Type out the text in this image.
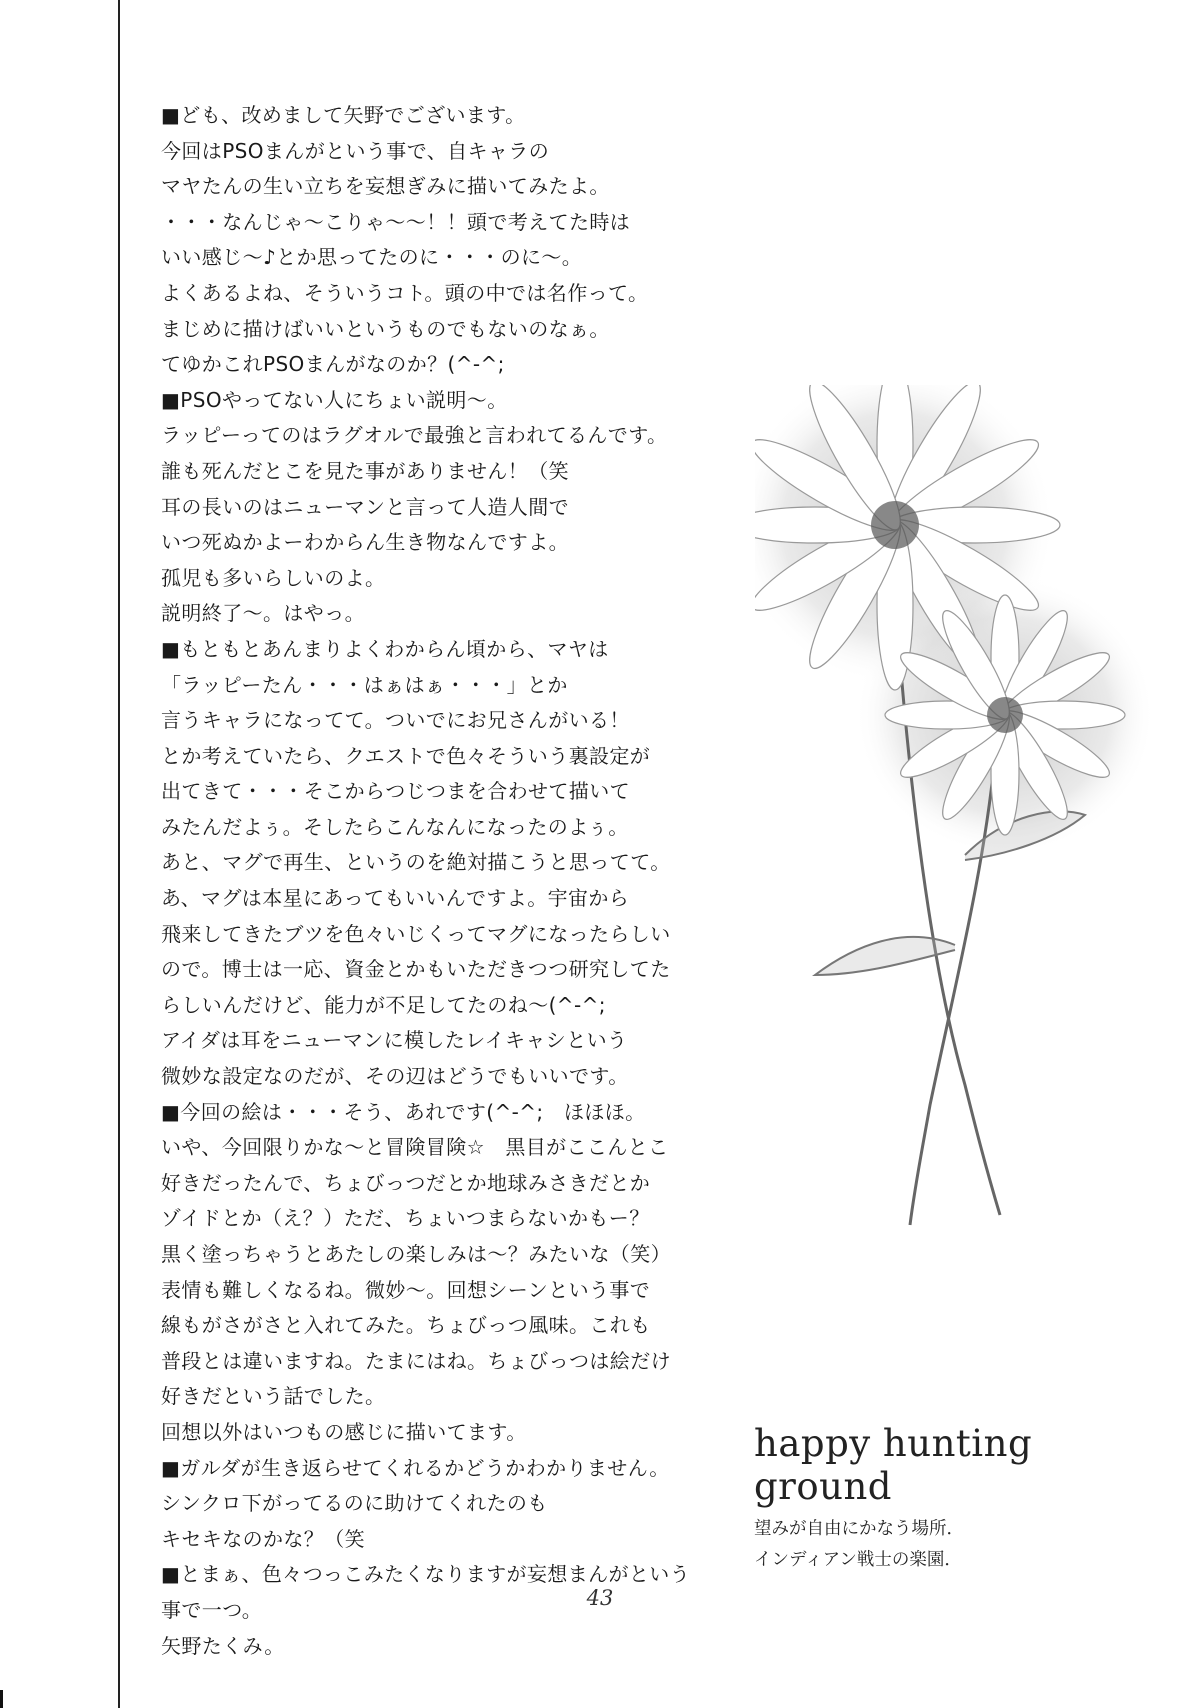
■ども、改めまして矢野でございます。
今回はPSOまんがという事で、自キャラの
マヤたんの生い立ちを妄想ぎみに描いてみたよ。
・・・なんじゃ〜こりゃ〜〜！！頭で考えてた時は
いい感じ〜♪とか思ってたのに・・・のに〜。
よくあるよね、そういうコト。頭の中では名作って。
まじめに描けばいいというものでもないのなぁ。
てゆかこれPSOまんがなのか？(^-^;
■PSOやってない人にちょい説明〜。
ラッピーってのはラグオルで最強と言われてるんです。
誰も死んだとこを見た事がありません！（笑
耳の長いのはニューマンと言って人造人間で
いつ死ぬかよーわからん生き物なんですよ。
孤児も多いらしいのよ。
説明終了〜。はやっ。
■もともとあんまりよくわからん頃から、マヤは
「ラッピーたん・・・はぁはぁ・・・」とか
言うキャラになってて。ついでにお兄さんがいる！
とか考えていたら、クエストで色々そういう裏設定が
出てきて・・・そこからつじつまを合わせて描いて
みたんだよぅ。そしたらこんなんになったのよぅ。
あと、マグで再生、というのを絶対描こうと思ってて。
あ、マグは本星にあってもいいんですよ。宇宙から
飛来してきたブツを色々いじくってマグになったらしい
ので。博士は一応、資金とかもいただきつつ研究してた
らしいんだけど、能力が不足してたのね〜(^-^;
アイダは耳をニューマンに模したレイキャシという
微妙な設定なのだが、その辺はどうでもいいです。
■今回の絵は・・・そう、あれです(^-^;　ほほほ。
いや、今回限りかな〜と冒険冒険☆　黒目がここんとこ
好きだったんで、ちょびっつだとか地球みさきだとか
ゾイドとか（え？）ただ、ちょいつまらないかもー？
黒く塗っちゃうとあたしの楽しみは〜？みたいな（笑）
表情も難しくなるね。微妙〜。回想シーンという事で
線もがさがさと入れてみた。ちょびっつ風味。これも
普段とは違いますね。たまにはね。ちょびっつは絵だけ
好きだという話でした。
回想以外はいつもの感じに描いてます。
■ガルダが生き返らせてくれるかどうかわかりません。
シンクロ下がってるのに助けてくれたのも
キセキなのかな？（笑
■とまぁ、色々つっこみたくなりますが妄想まんがという
事で一つ。
矢野たくみ。
happy hunting ground
望みが自由にかなう場所．
インディアン戦士の楽園．
43
